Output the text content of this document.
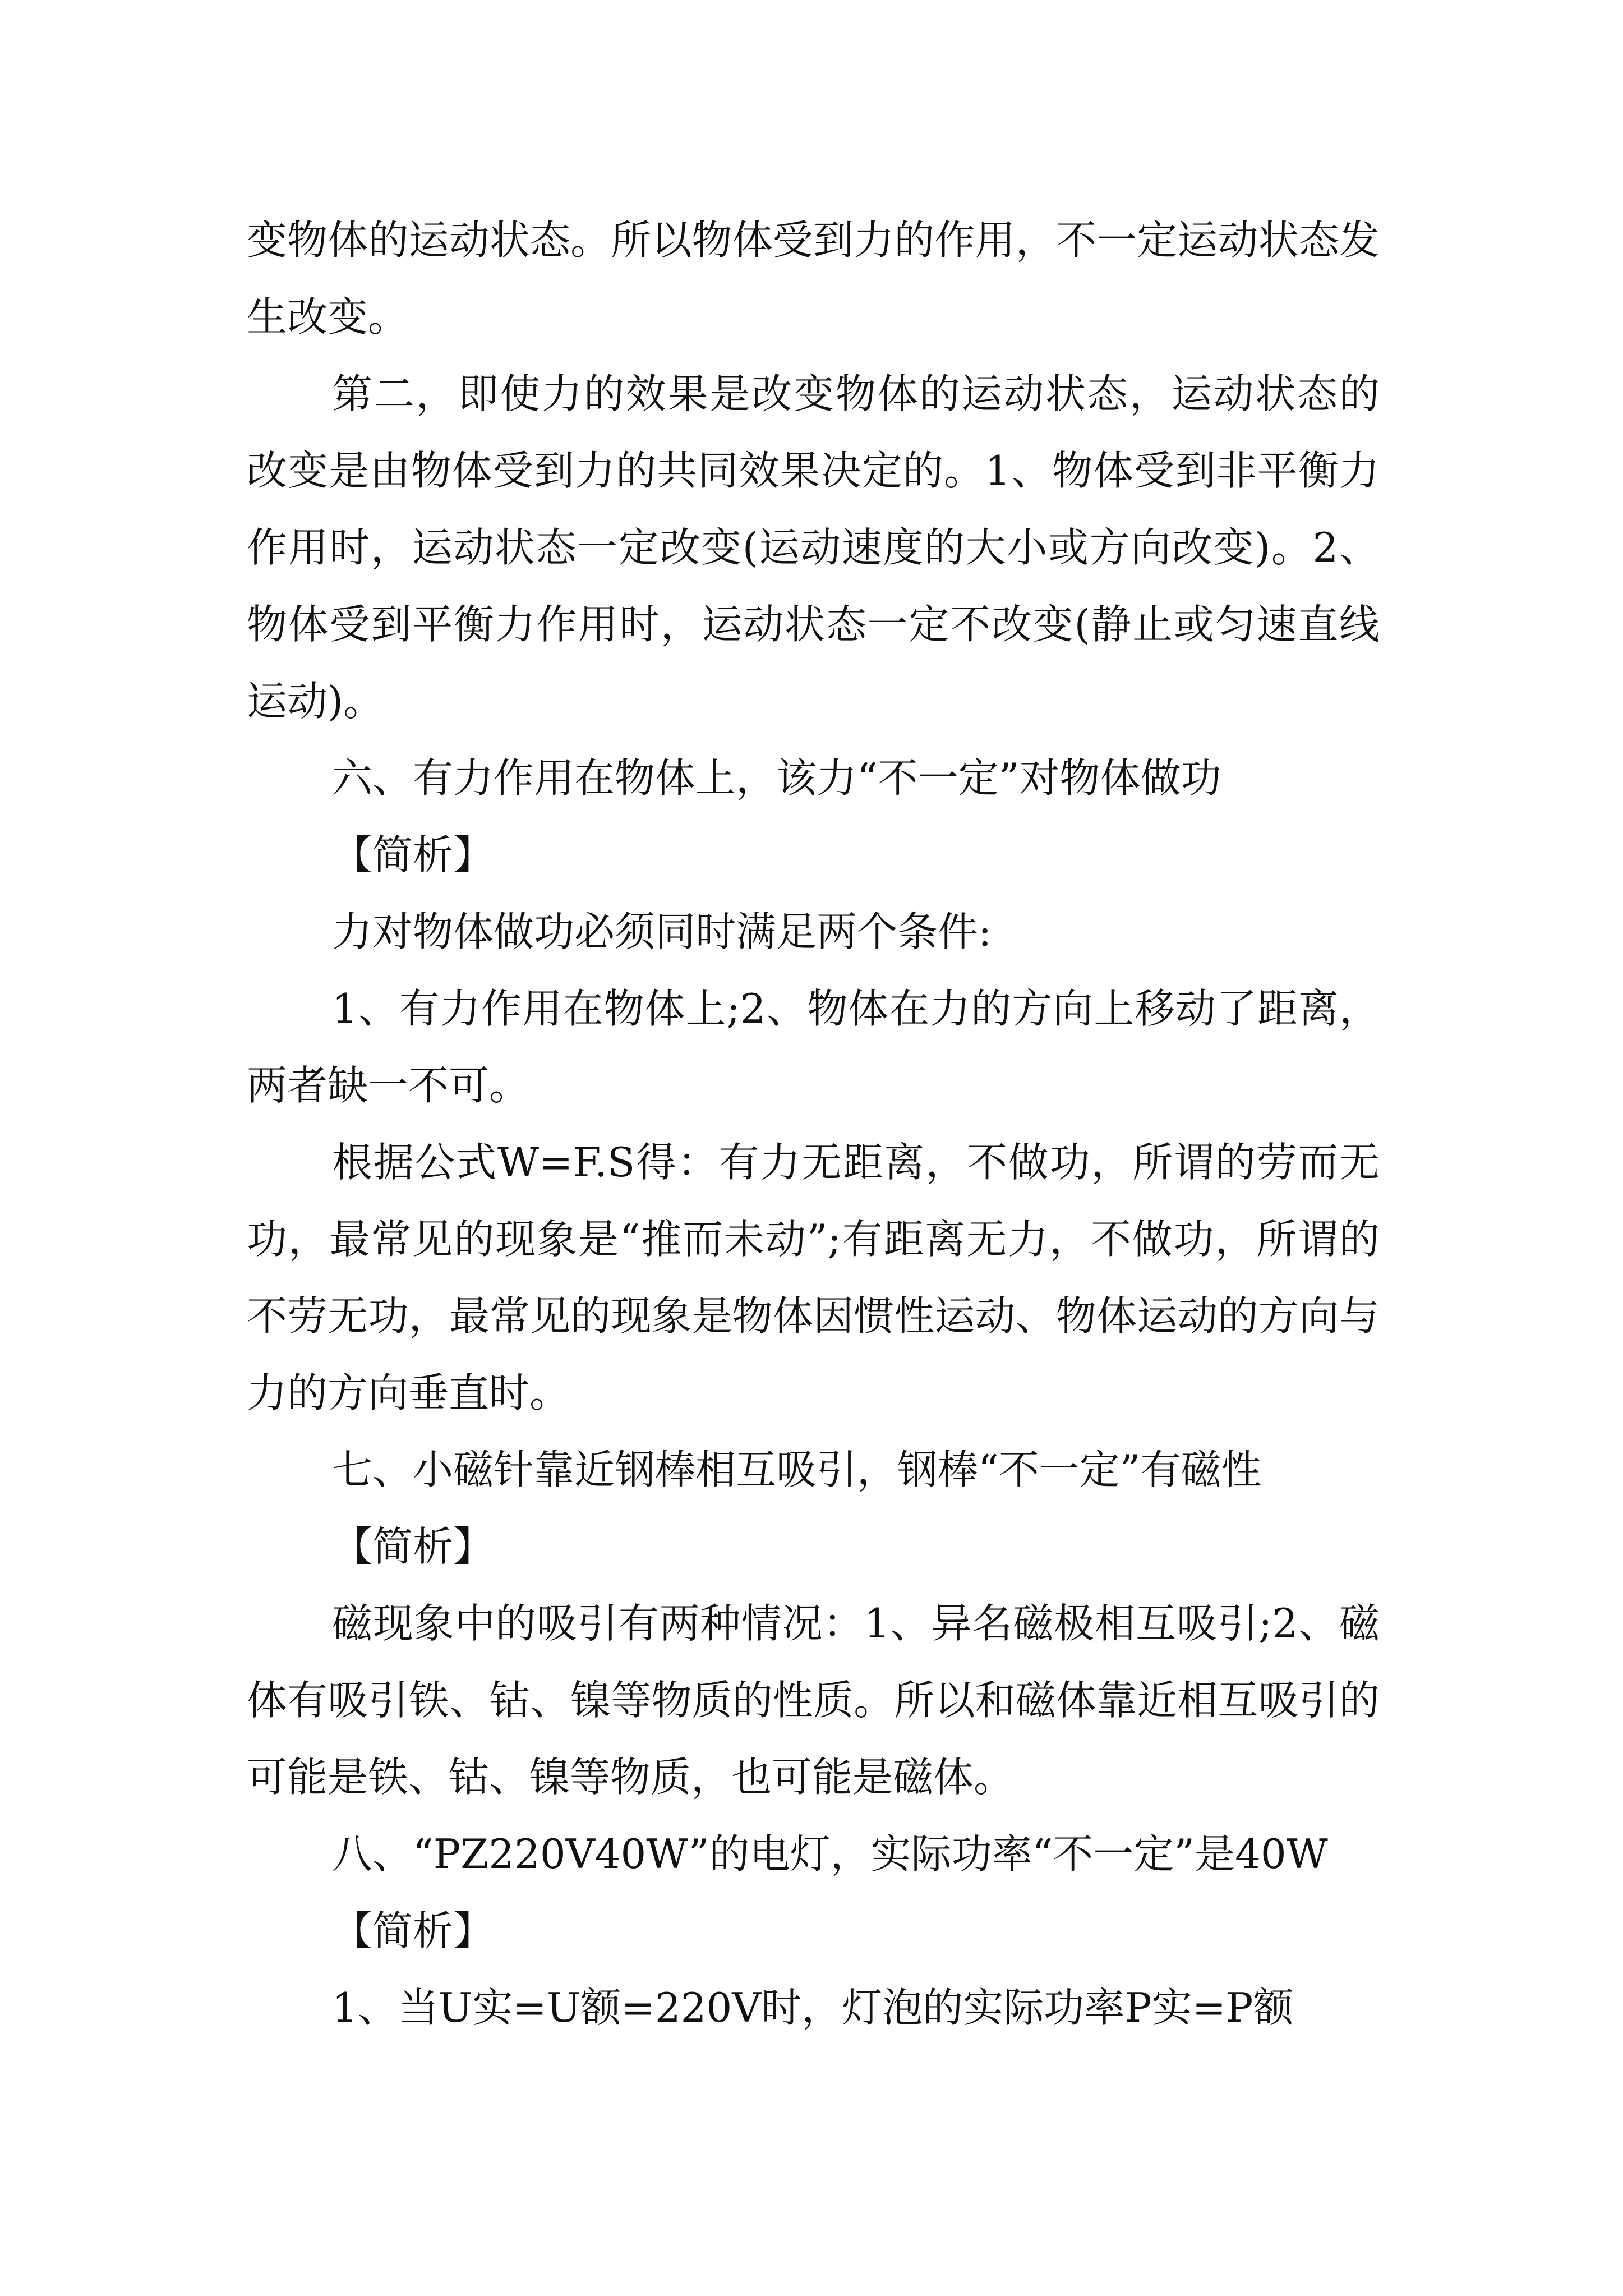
变物体的运动状态。所以物体受到力的作用，不一定运动状态发生改变。

第二，即使力的效果是改变物体的运动状态，运动状态的改变是由物体受到力的共同效果决定的。1、物体受到非平衡力作用时，运动状态一定改变(运动速度的大小或方向改变)。2、物体受到平衡力作用时，运动状态一定不改变(静止或匀速直线运动)。

六、有力作用在物体上，该力“不一定”对物体做功

【简析】

力对物体做功必须同时满足两个条件:

1、有力作用在物体上;2、物体在力的方向上移动了距离，两者缺一不可。

根据公式W=F.S得：有力无距离，不做功，所谓的劳而无功，最常见的现象是“推而未动”;有距离无力，不做功，所谓的不劳无功，最常见的现象是物体因惯性运动、物体运动的方向与力的方向垂直时。

七、小磁针靠近钢棒相互吸引，钢棒“不一定”有磁性

【简析】

磁现象中的吸引有两种情况：1、异名磁极相互吸引;2、磁体有吸引铁、钴、镍等物质的性质。所以和磁体靠近相互吸引的可能是铁、钴、镍等物质，也可能是磁体。

八、“PZ220V40W”的电灯，实际功率“不一定”是40W

【简析】

1、当U实=U额=220V时，灯泡的实际功率P实=P额
